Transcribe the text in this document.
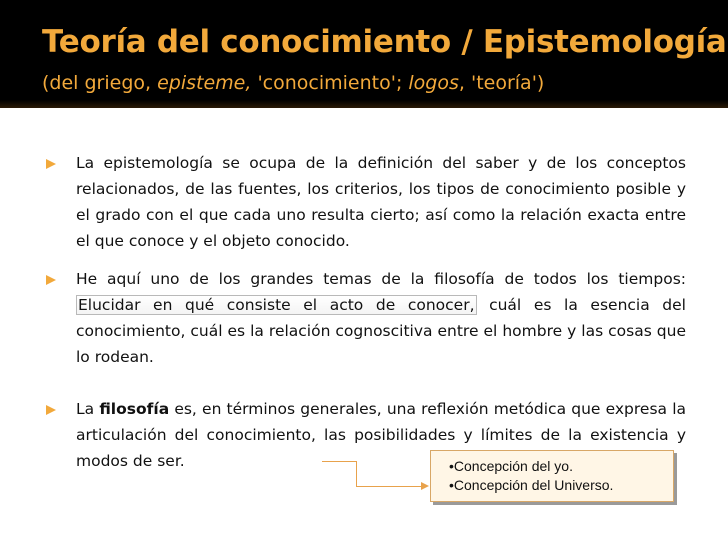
Teoría del conocimiento / Epistemología

(del griego, episteme, 'conocimiento'; logos, 'teoría')

La epistemología se ocupa de la definición del saber y de los conceptos relacionados, de las fuentes, los criterios, los tipos de conocimiento posible y el grado con el que cada uno resulta cierto; así como la relación exacta entre el que conoce y el objeto conocido.
He aquí uno de los grandes temas de la filosofía de todos los tiempos: Elucidar en qué consiste el acto de conocer, cuál es la esencia del conocimiento, cuál es la relación cognoscitiva entre el hombre y las cosas que lo rodean.
La filosofía es, en términos generales, una reflexión metódica que expresa la articulación del conocimiento, las posibilidades y límites de la existencia y modos de ser.	•Concepción del yo.
•Concepción del Universo.
